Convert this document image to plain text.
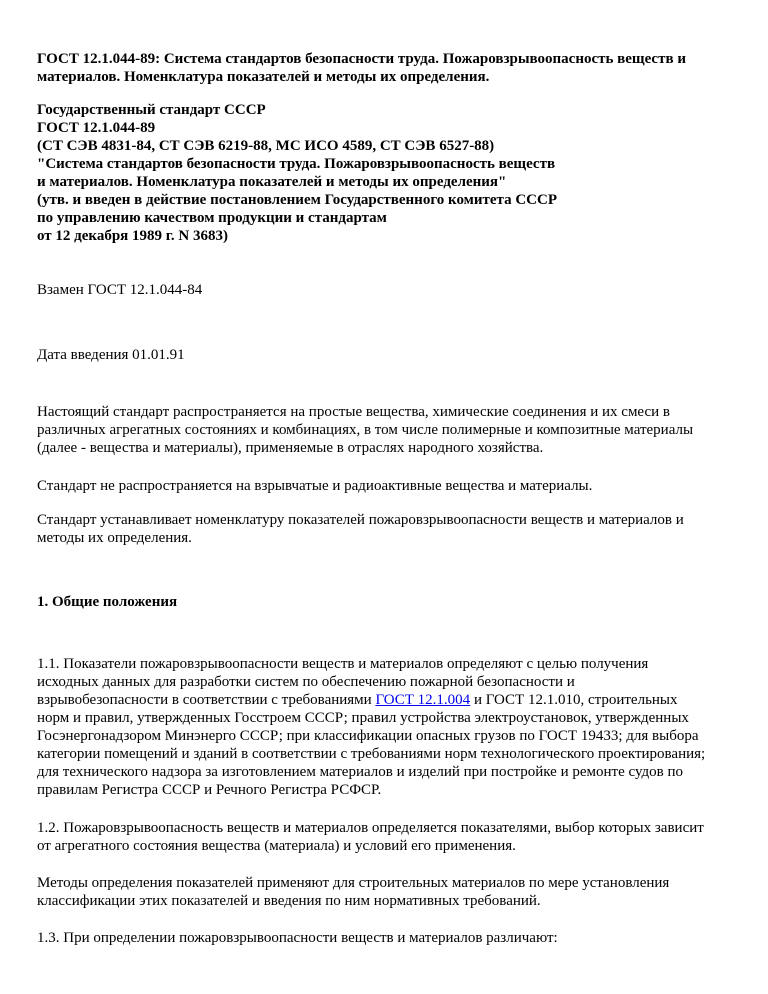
ГОСТ 12.1.044-89: Система стандартов безопасности труда. Пожаровзрывоопасность веществ и
материалов. Номенклатура показателей и методы их определения.
Государственный стандарт СССР
ГОСТ 12.1.044-89
(СТ СЭВ 4831-84, СТ СЭВ 6219-88, МС ИСО 4589, СТ СЭВ 6527-88)
"Система стандартов безопасности труда. Пожаровзрывоопасность веществ
и материалов. Номенклатура показателей и методы их определения"
(утв. и введен в действие постановлением Государственного комитета СССР
по управлению качеством продукции и стандартам
от 12 декабря 1989 г. N 3683)

Взамен ГОСТ 12.1.044-84

Дата введения 01.01.91

Настоящий стандарт распространяется на простые вещества, химические соединения и их смеси в
различных агрегатных состояниях и комбинациях, в том числе полимерные и композитные материалы
(далее - вещества и материалы), применяемые в отраслях народного хозяйства.

Стандарт не распространяется на взрывчатые и радиоактивные вещества и материалы.

Стандарт устанавливает номенклатуру показателей пожаровзрывоопасности веществ и материалов и
методы их определения.

1. Общие положения

1.1. Показатели пожаровзрывоопасности веществ и материалов определяют с целью получения
исходных данных для разработки систем по обеспечению пожарной безопасности и
взрывобезопасности в соответствии с требованиями ГОСТ 12.1.004 и ГОСТ 12.1.010, строительных
норм и правил, утвержденных Госстроем СССР; правил устройства электроустановок, утвержденных
Госэнергонадзором Минэнерго СССР; при классификации опасных грузов по ГОСТ 19433; для выбора
категории помещений и зданий в соответствии с требованиями норм технологического проектирования;
для технического надзора за изготовлением материалов и изделий при постройке и ремонте судов по
правилам Регистра СССР и Речного Регистра РСФСР.

1.2. Пожаровзрывоопасность веществ и материалов определяется показателями, выбор которых зависит
от агрегатного состояния вещества (материала) и условий его применения.

Методы определения показателей применяют для строительных материалов по мере установления
классификации этих показателей и введения по ним нормативных требований.

1.3. При определении пожаровзрывоопасности веществ и материалов различают:
